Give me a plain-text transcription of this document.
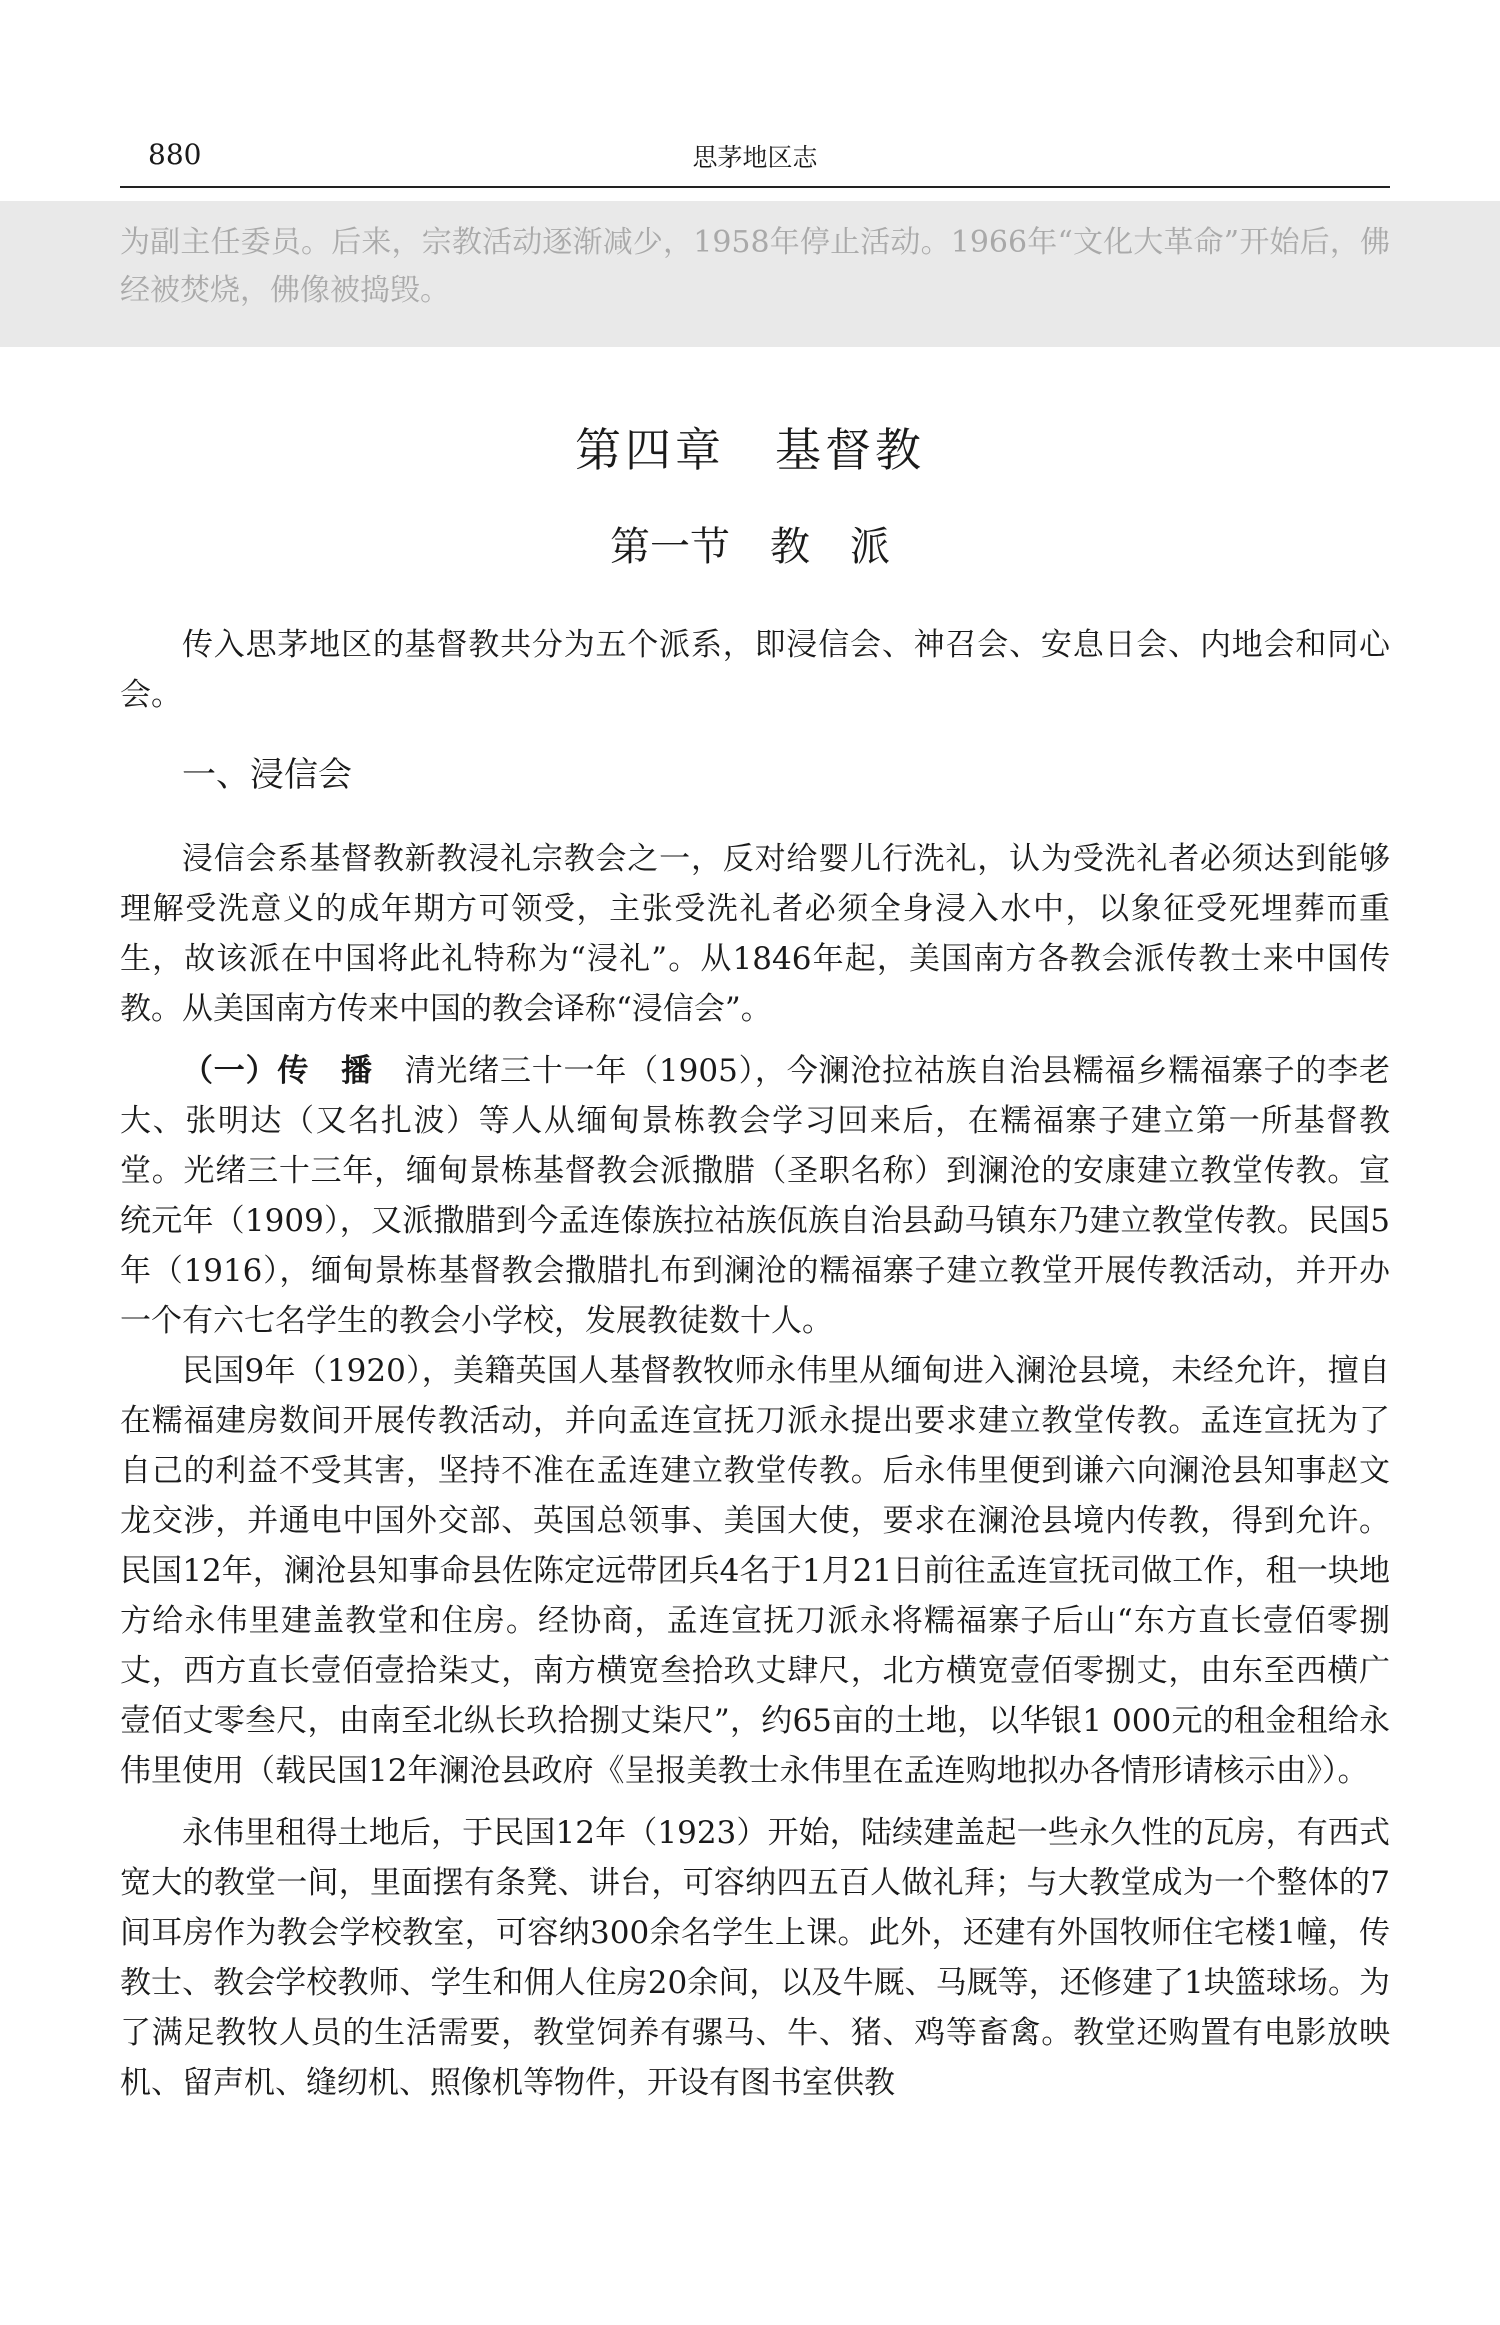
880	思茅地区志
为副主任委员。后来，宗教活动逐渐减少，1958年停止活动。1966年“文化大革命”开始后，佛经被焚烧，佛像被捣毁。
第四章　基督教
第一节　教　派

传入思茅地区的基督教共分为五个派系，即浸信会、神召会、安息日会、内地会和同心会。

一、浸信会

浸信会系基督教新教浸礼宗教会之一，反对给婴儿行洗礼，认为受洗礼者必须达到能够理解受洗意义的成年期方可领受，主张受洗礼者必须全身浸入水中，以象征受死埋葬而重生，故该派在中国将此礼特称为“浸礼”。从1846年起，美国南方各教会派传教士来中国传教。从美国南方传来中国的教会译称“浸信会”。

（一）传　播　 清光绪三十一年（1905），今澜沧拉祜族自治县糯福乡糯福寨子的李老大、张明达（又名扎波）等人从缅甸景栋教会学习回来后，在糯福寨子建立第一所基督教堂。光绪三十三年，缅甸景栋基督教会派撒腊（圣职名称）到澜沧的安康建立教堂传教。宣统元年（1909），又派撒腊到今孟连傣族拉祜族佤族自治县勐马镇东乃建立教堂传教。民国5年（1916），缅甸景栋基督教会撒腊扎布到澜沧的糯福寨子建立教堂开展传教活动，并开办一个有六七名学生的教会小学校，发展教徒数十人。

民国9年（1920），美籍英国人基督教牧师永伟里从缅甸进入澜沧县境，未经允许，擅自在糯福建房数间开展传教活动，并向孟连宣抚刀派永提出要求建立教堂传教。孟连宣抚为了自己的利益不受其害，坚持不准在孟连建立教堂传教。后永伟里便到谦六向澜沧县知事赵文龙交涉，并通电中国外交部、英国总领事、美国大使，要求在澜沧县境内传教，得到允许。民国12年，澜沧县知事命县佐陈定远带团兵4名于1月21日前往孟连宣抚司做工作，租一块地方给永伟里建盖教堂和住房。经协商，孟连宣抚刀派永将糯福寨子后山“东方直长壹佰零捌丈，西方直长壹佰壹拾柒丈，南方横宽叁拾玖丈肆尺，北方横宽壹佰零捌丈，由东至西横广壹佰丈零叁尺，由南至北纵长玖拾捌丈柒尺”，约65亩的土地，以华银1 000元的租金租给永伟里使用（载民国12年澜沧县政府《呈报美教士永伟里在孟连购地拟办各情形请核示由》）。

永伟里租得土地后，于民国12年（1923）开始，陆续建盖起一些永久性的瓦房，有西式宽大的教堂一间，里面摆有条凳、讲台，可容纳四五百人做礼拜；与大教堂成为一个整体的7间耳房作为教会学校教室，可容纳300余名学生上课。此外，还建有外国牧师住宅楼1幢，传教士、教会学校教师、学生和佣人住房20余间，以及牛厩、马厩等，还修建了1块篮球场。为了满足教牧人员的生活需要，教堂饲养有骡马、牛、猪、鸡等畜禽。教堂还购置有电影放映机、留声机、缝纫机、照像机等物件，开设有图书室供教
